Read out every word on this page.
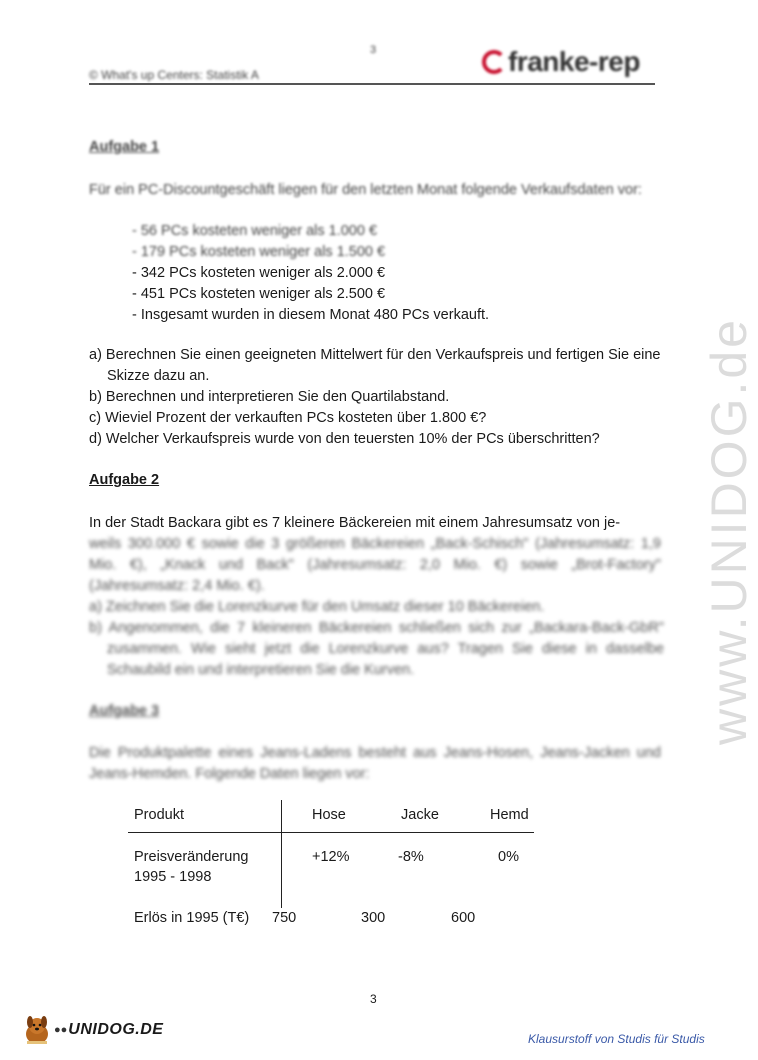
3
© What's up Centers: Statistik A	franke-rep
Aufgabe 1
Für ein PC-Discountgeschäft liegen für den letzten Monat folgende Verkaufsdaten vor:
- 56 PCs kosteten weniger als 1.000 €
- 179 PCs kosteten weniger als 1.500 €
- 342 PCs kosteten weniger als 2.000 €
- 451 PCs kosteten weniger als 2.500 €
- Insgesamt wurden in diesem Monat 480 PCs verkauft.
a) Berechnen Sie einen geeigneten Mittelwert für den Verkaufspreis und fertigen Sie eine Skizze dazu an.
b) Berechnen und interpretieren Sie den Quartilabstand.
c) Wieviel Prozent der verkauften PCs kosteten über 1.800 €?
d) Welcher Verkaufspreis wurde von den teuersten 10% der PCs überschritten?
Aufgabe 2
In der Stadt Backara gibt es 7 kleinere Bäckereien mit einem Jahresumsatz von je-
weils 300.000 € sowie die 3 größeren Bäckereien „Back-Schisch" (Jahresumsatz: 1,9 Mio. €), „Knack und Back" (Jahresumsatz: 2,0 Mio. €) sowie „Brot-Factory" (Jahresumsatz: 2,4 Mio. €).
a) Zeichnen Sie die Lorenzkurve für den Umsatz dieser 10 Bäckereien.
b) Angenommen, die 7 kleineren Bäckereien schließen sich zur „Backara-Back-GbR" zusammen. Wie sieht jetzt die Lorenzkurve aus? Tragen Sie diese in dasselbe Schaubild ein und interpretieren Sie die Kurven.
Aufgabe 3
Die Produktpalette eines Jeans-Ladens besteht aus Jeans-Hosen, Jeans-Jacken und Jeans-Hemden. Folgende Daten liegen vor:
Produkt	Hose	Jacke	Hemd
Preisveränderung
1995 - 1998
+12%	-8%	0%
Erlös in 1995 (T€) 750	300	600
www.UNIDOG.de
3
●● UNIDOG.DE
Klausurstoff von Studis für Studis
